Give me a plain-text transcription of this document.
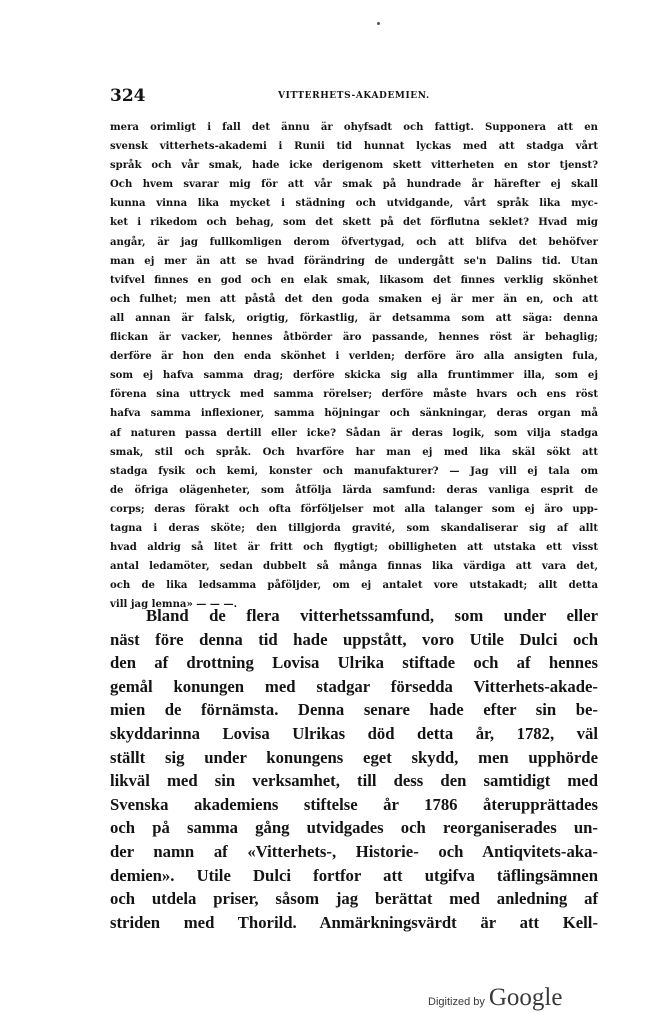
324	VITTERHETS-AKADEMIEN.
mera orimligt i fall det ännu är ohyfsadt och fattigt. Supponera att en
svensk vitterhets-akademi i Runii tid hunnat lyckas med att stadga vårt
språk och vår smak, hade icke derigenom skett vitterheten en stor tjenst?
Och hvem svarar mig för att vår smak på hundrade år härefter ej skall
kunna vinna lika mycket i städning och utvidgande, vårt språk lika myc-
ket i rikedom och behag, som det skett på det förflutna seklet? Hvad mig
angår, är jag fullkomligen derom öfvertygad, och att blifva det behöfver
man ej mer än att se hvad förändring de undergått se'n Dalins tid. Utan
tvifvel finnes en god och en elak smak, likasom det finnes verklig skönhet
och fulhet; men att påstå det den goda smaken ej är mer än en, och att
all annan är falsk, origtig, förkastlig, är detsamma som att säga: denna
flickan är vacker, hennes åtbörder äro passande, hennes röst är behaglig;
derföre är hon den enda skönhet i verlden; derföre äro alla ansigten fula,
som ej hafva samma drag; derföre skicka sig alla fruntimmer illa, som ej
förena sina uttryck med samma rörelser; derföre måste hvars och ens röst
hafva samma inflexioner, samma höjningar och sänkningar, deras organ må
af naturen passa dertill eller icke? Sådan är deras logik, som vilja stadga
smak, stil och språk. Och hvarföre har man ej med lika skäl sökt att
stadga fysik och kemi, konster och manufakturer? — Jag vill ej tala om
de öfriga olägenheter, som åtfölja lärda samfund: deras vanliga esprit de
corps; deras förakt och ofta förföljelser mot alla talanger som ej äro upp-
tagna i deras sköte; den tillgjorda gravité, som skandaliserar sig af allt
hvad aldrig så litet är fritt och flygtigt; obilligheten att utstaka ett visst
antal ledamöter, sedan dubbelt så många finnas lika värdiga att vara det,
och de lika ledsamma påföljder, om ej antalet vore utstakadt; allt detta
vill jag lemna» — — —.
Bland de flera vitterhetssamfund, som under eller
näst före denna tid hade uppstått, voro Utile Dulci och
den af drottning Lovisa Ulrika stiftade och af hennes
gemål konungen med stadgar försedda Vitterhets-akade-
mien de förnämsta. Denna senare hade efter sin be-
skyddarinna Lovisa Ulrikas död detta år, 1782, väl
ställt sig under konungens eget skydd, men upphörde
likväl med sin verksamhet, till dess den samtidigt med
Svenska akademiens stiftelse år 1786 återupprättades
och på samma gång utvidgades och reorganiserades un-
der namn af «Vitterhets-, Historie- och Antiqvitets-aka-
demien». Utile Dulci fortfor att utgifva täflingsämnen
och utdela priser, såsom jag berättat med anledning af
striden med Thorild. Anmärkningsvärdt är att Kell-
Digitized by Google
